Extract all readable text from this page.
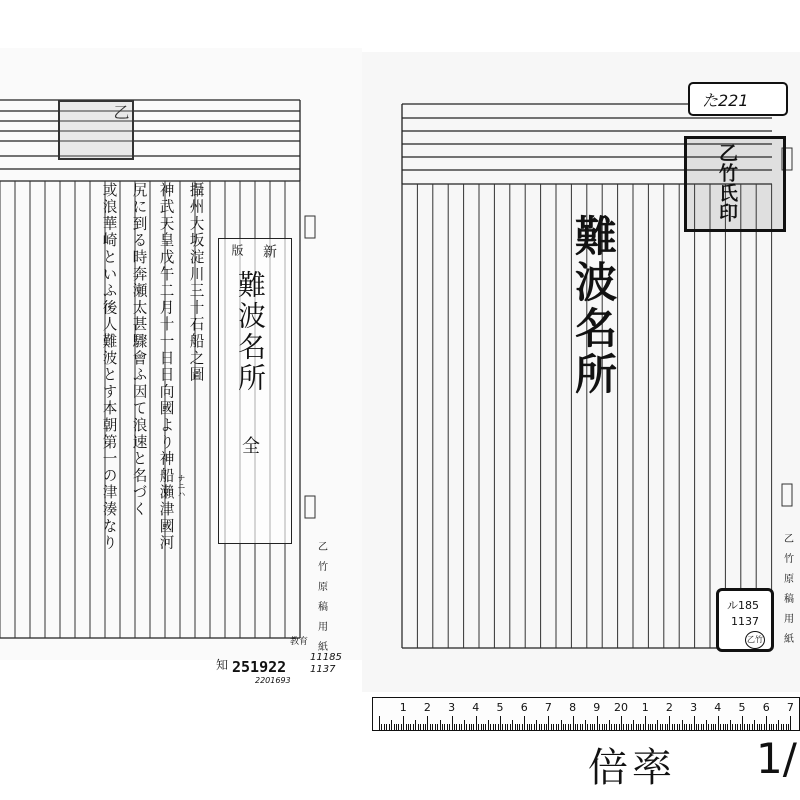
乙
攝州大坂淀川三十石船之圖
神武天皇戊午二月十一日日向國より神船瀨津國河 ナニハ
尻に到る時奔瀬太甚驟會ふ因て浪速と名づく
或浪華崎といふ後人難波とす本朝第一の津湊なり	新
版
難波名所
全
乙
竹
原
稿
用
紙
知
教育
251922
2201693
11185 1137
た221
乙竹氏印
難波名所
乙
竹
原
稿
用
紙
ル185
1137
乙竹
1	2	3	4	5	6	7	8	9	20	1	2	3	4	5	6	7
倍率 1/
